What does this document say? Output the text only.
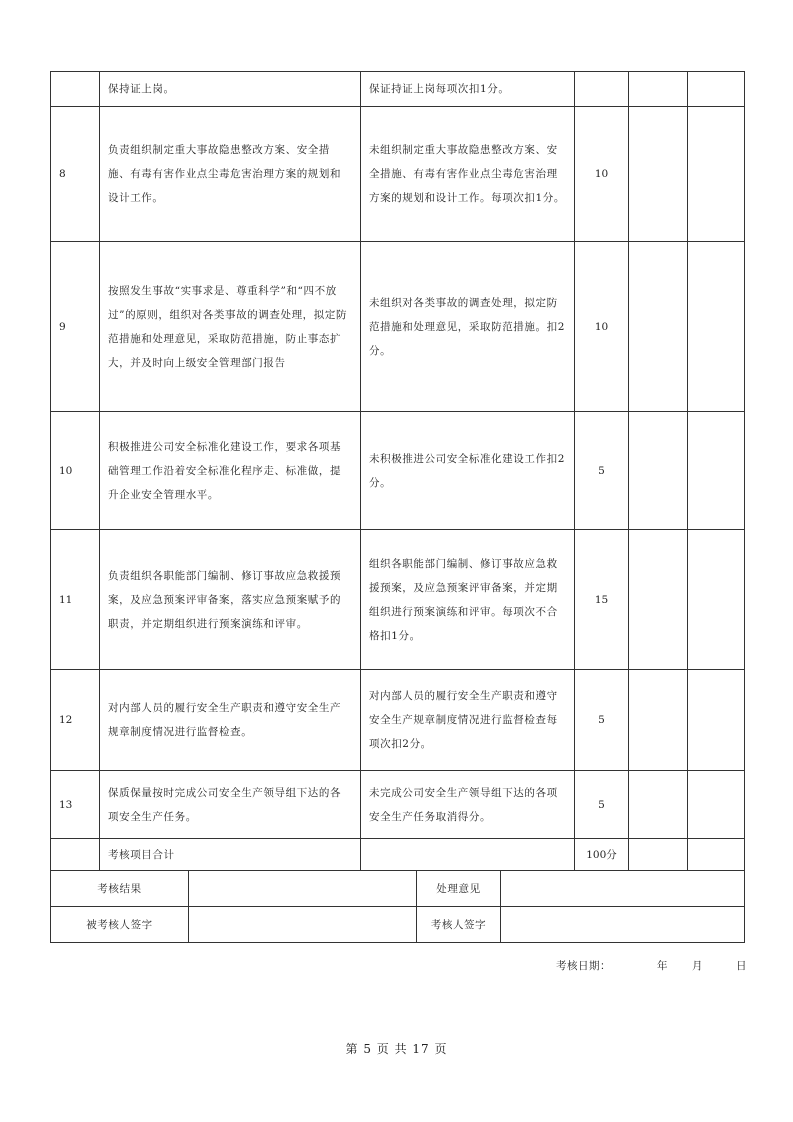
	保持证上岗。	保证持证上岗每项次扣1分。			
8	负责组织制定重大事故隐患整改方案、安全措施、有毒有害作业点尘毒危害治理方案的规划和设计工作。	未组织制定重大事故隐患整改方案、安全措施、有毒有害作业点尘毒危害治理方案的规划和设计工作。每项次扣1分。	10		
9	按照发生事故“实事求是、尊重科学”和“四不放过”的原则，组织对各类事故的调查处理，拟定防范措施和处理意见，采取防范措施，防止事态扩大，并及时向上级安全管理部门报告	未组织对各类事故的调查处理，拟定防范措施和处理意见，采取防范措施。扣2分。	10		
10	积极推进公司安全标准化建设工作，要求各项基础管理工作沿着安全标准化程序走、标准做，提升企业安全管理水平。	未积极推进公司安全标准化建设工作扣2分。	5		
11	负责组织各职能部门编制、修订事故应急救援预案，及应急预案评审备案，落实应急预案赋予的职责，并定期组织进行预案演练和评审。	组织各职能部门编制、修订事故应急救援预案，及应急预案评审备案，并定期组织进行预案演练和评审。每项次不合格扣1分。	15		
12	对内部人员的履行安全生产职责和遵守安全生产规章制度情况进行监督检查。	对内部人员的履行安全生产职责和遵守安全生产规章制度情况进行监督检查每项次扣2分。	5		
13	保质保量按时完成公司安全生产领导组下达的各项安全生产任务。	未完成公司安全生产领导组下达的各项安全生产任务取消得分。	5		
	考核项目合计		100分		
考核结果		处理意见	
被考核人签字		考核人签字	
考核日期：	年 月	日
第 5 页 共 17 页
